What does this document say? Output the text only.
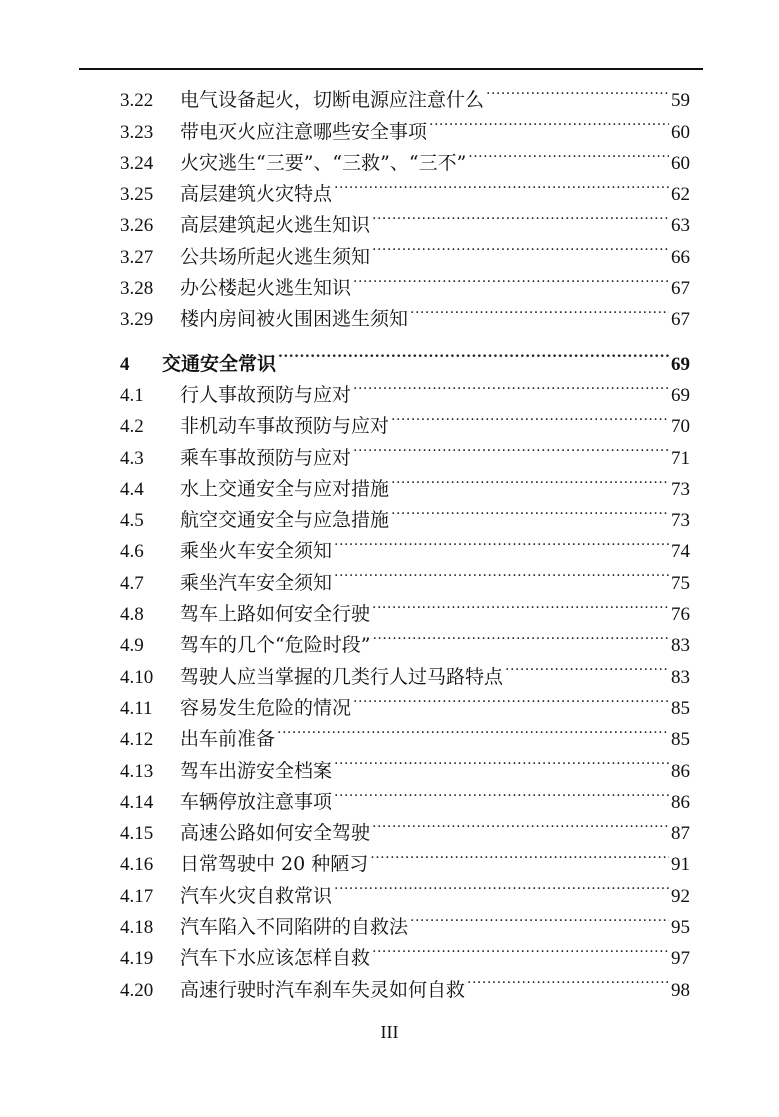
3.22	电气设备起火，切断电源应注意什么 .....	59
3.23	带电灭火应注意哪些安全事项 .....	60
3.24	火灾逃生“三要”、“三救”、“三不” .....	60
3.25	高层建筑火灾特点 .....	62
3.26	高层建筑起火逃生知识 .....	63
3.27	公共场所起火逃生须知 .....	66
3.28	办公楼起火逃生知识 .....	67
3.29	楼内房间被火围困逃生须知 .....	67
4	交通安全常识 .....	69
4.1	行人事故预防与应对 .....	69
4.2	非机动车事故预防与应对 .....	70
4.3	乘车事故预防与应对 .....	71
4.4	水上交通安全与应对措施 .....	73
4.5	航空交通安全与应急措施 .....	73
4.6	乘坐火车安全须知 .....	74
4.7	乘坐汽车安全须知 .....	75
4.8	驾车上路如何安全行驶 .....	76
4.9	驾车的几个“危险时段” .....	83
4.10	驾驶人应当掌握的几类行人过马路特点 .....	83
4.11	容易发生危险的情况 .....	85
4.12	出车前准备 .....	85
4.13	驾车出游安全档案 .....	86
4.14	车辆停放注意事项 .....	86
4.15	高速公路如何安全驾驶 .....	87
4.16	日常驾驶中 20 种陋习 .....	91
4.17	汽车火灾自救常识 .....	92
4.18	汽车陷入不同陷阱的自救法 .....	95
4.19	汽车下水应该怎样自救 .....	97
4.20	高速行驶时汽车刹车失灵如何自救 .....	98
III
